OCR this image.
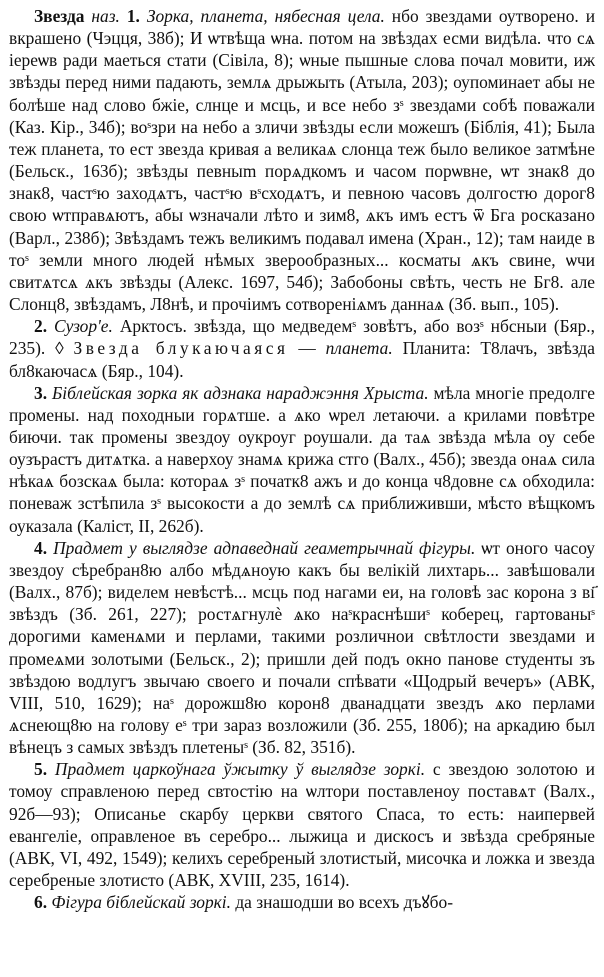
Звезда наз. 1. Зорка, планета, нябесная цела. нбо звездами оутворено. и вкрашено (Чэцця, 38б); И ѡтвѣща ѡна. потом на звѣздах есми видѣла. что сѧ iереѡв ради маеться стати (Сівіла, 8); ѡныe пышныe слова почал мовити, иж звѣзды перед ними падають, землѧ дрыжыть (Атыла, 203); оупоминает абы не болѣше над слово бжie, слнце и мсць, и все небо зˢ звездами собѣ поважали (Каз. Кір., 34б); воˢзри на небо а зличи звѣзды если можешъ (Біблія, 41); Была теж планета, то ест звезда кривая а великаѧ слонца теж было великое затмѣне (Бельск., 163б); звѣзды певныm порѧдкомъ и часом порѡвне, ѡт знак8 до знак8, частˢю заходѧтъ, частˢю вˢсходѧтъ, и певною часовъ долгостю дорог8 свою ѡтправѧютъ, абы ѡзначали лѣто и зим8, ѧкъ имъ естъ ѿ Бга росказано (Варл., 238б); Звѣздамъ тежъ великимъ подавал имена (Хран., 12); там наиде в тоˢ земли много людей нѣмых зверообразных... косматы ѧкъ свине, ѡчи свитѧтсѧ ѧкъ звѣзды (Алекс. 1697, 54б); Забобоны свѣть, честь не Бг8. але Слонц8, звѣздамъ, Л8нѣ, и прочiимъ сотворенiѧмъ даннаѧ (Зб. вып., 105).

2. Сузор'е. Арктосъ. звѣзда, що медведемˢ зовѣтъ, або возˢ нбсныи (Бяр., 235). ◊ Звезда блукаючаяся — планета. Планита: Т8лачъ, звѣзда бл8каючасѧ (Бяр., 104).

3. Біблейская зорка як адзнака нараджэння Хрыста. мѣла многie предолге промены. над походныи горѧтше. а ѧко ѡрел летаючи. а крилами повѣтре биючи. так промены звездоу оукроуг роушали. да таѧ звѣзда мѣла оу себе оузърастъ дитѧтка. а наверхоу знамѧ крижа стго (Валх., 45б); звезда онаѧ сила нѣкаѧ бозскаѧ была: котораѧ зˢ початк8 ажъ и до конца ч8довне сѧ обходила: поневаж зстѣпила зˢ высокости а до землѣ сѧ приближивши, мѣсто вѣщкомъ оуказала (Каліст, II, 262б).

4. Прадмет у выглядзе адпаведнай геаметрычнай фігуры. ѡт оного часоу звездоу сѣребран8ю албо мѣдѧноую какъ бы велікій лихтарь... завѣшовали (Валх., 87б); виделем невѣстѣ... мсць под нагами еи, на головѣ зас корона з вı҃ звѣздъ (Зб. 261, 227); ростѧгнулѐ ѧко наˢкраснѣшиˢ коберец, гартованыˢ дорогими каменѧми и перлами, такими розличнои свѣтлости звездами и промеѧми золотыми (Бельск., 2); пришли дей подъ окно панове студенты зъ звѣздою водлугъ звычаю своего и почали спѣвати «Щодрый вечеръ» (АВК, VIII, 510, 1629); наˢ дорожш8ю корон8 дванадцати звездъ ѧко перлами ѧснеющ8ю на голову еˢ три зараз возложили (Зб. 255, 180б); на аркадию был вѣнецъ з самых звѣздъ плетеныˢ (Зб. 82, 351б).

5. Прадмет царкоўнага ўжытку ў выглядзе зоркі. с звездою золотою и томоу справленою перед свтостiю на ѡлтори поставленоу поставѧт (Валх., 92б—93); Описанье скарбу церкви святого Спаса, то есть: наипервей евангеліе, оправленое въ серебро... лыжица и дискосъ и звѣзда сребряные (АВК, VI, 492, 1549); келихъ серебреный злотистый, мисочка и ложка и звезда серебреные злотисто (АВК, XVIII, 235, 1614).

6. Фігура біблейскай зоркі. да знашодши во всехъ дъꙋбо-
